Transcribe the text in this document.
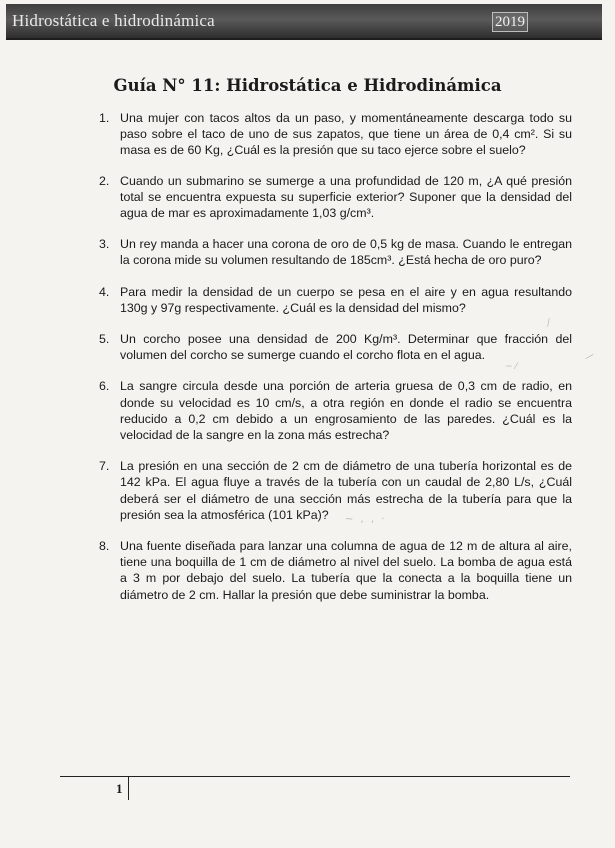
Hidrostática e hidrodinámica	2019
Guía N° 11: Hidrostática e Hidrodinámica
1. Una mujer con tacos altos da un paso, y momentáneamente descarga todo su paso sobre el taco de uno de sus zapatos, que tiene un área de 0,4 cm². Si su masa es de 60 Kg, ¿Cuál es la presión que su taco ejerce sobre el suelo?
2. Cuando un submarino se sumerge a una profundidad de 120 m, ¿A qué presión total se encuentra expuesta su superficie exterior? Suponer que la densidad del agua de mar es aproximadamente 1,03 g/cm³.
3. Un rey manda a hacer una corona de oro de 0,5 kg de masa. Cuando le entregan la corona mide su volumen resultando de 185cm³. ¿Está hecha de oro puro?
4. Para medir la densidad de un cuerpo se pesa en el aire y en agua resultando 130g y 97g respectivamente. ¿Cuál es la densidad del mismo?
5. Un corcho posee una densidad de 200 Kg/m³. Determinar que fracción del volumen del corcho se sumerge cuando el corcho flota en el agua.
6. La sangre circula desde una porción de arteria gruesa de 0,3 cm de radio, en donde su velocidad es 10 cm/s, a otra región en donde el radio se encuentra reducido a 0,2 cm debido a un engrosamiento de las paredes. ¿Cuál es la velocidad de la sangre en la zona más estrecha?
7. La presión en una sección de 2 cm de diámetro de una tubería horizontal es de 142 kPa. El agua fluye a través de la tubería con un caudal de 2,80 L/s, ¿Cuál deberá ser el diámetro de una sección más estrecha de la tubería para que la presión sea la atmosférica (101 kPa)?
8. Una fuente diseñada para lanzar una columna de agua de 12 m de altura al aire, tiene una boquilla de 1 cm de diámetro al nivel del suelo. La bomba de agua está a 3 m por debajo del suelo. La tubería que la conecta a la boquilla tiene un diámetro de 2 cm. Hallar la presión que debe suministrar la bomba.
⁄
~ ⁄
⁄
~ , , ·
1
